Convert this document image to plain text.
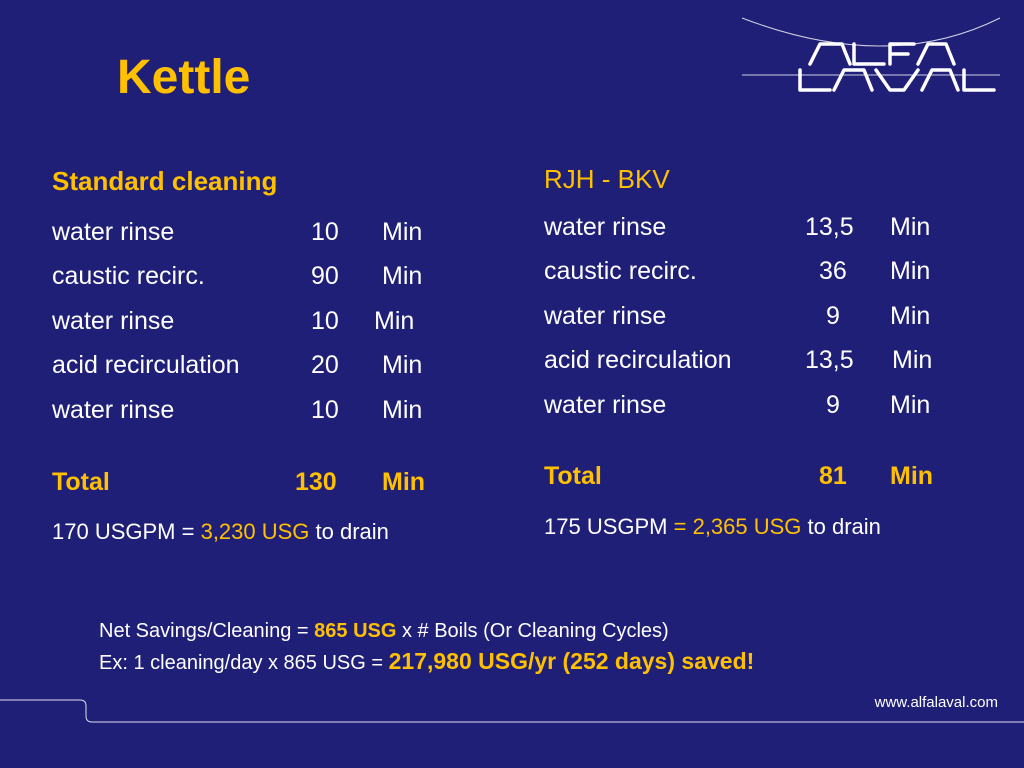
Kettle
Standard cleaning
water rinse	10 Min
caustic recirc.	90 Min
water rinse	10 Min
acid recirculation	20 Min
water rinse	10 Min
Total	130 Min
170 USGPM = 3,230 USG to drain
RJH - BKV
water rinse	13,5 Min
caustic recirc.	36 Min
water rinse	9 Min
acid recirculation	13,5 Min
water rinse	9 Min
Total	81 Min
175 USGPM = 2,365 USG to drain
Net Savings/Cleaning = 865 USG x # Boils (Or Cleaning Cycles)
Ex: 1 cleaning/day x 865 USG = 217,980 USG/yr (252 days) saved!
www.alfalaval.com
